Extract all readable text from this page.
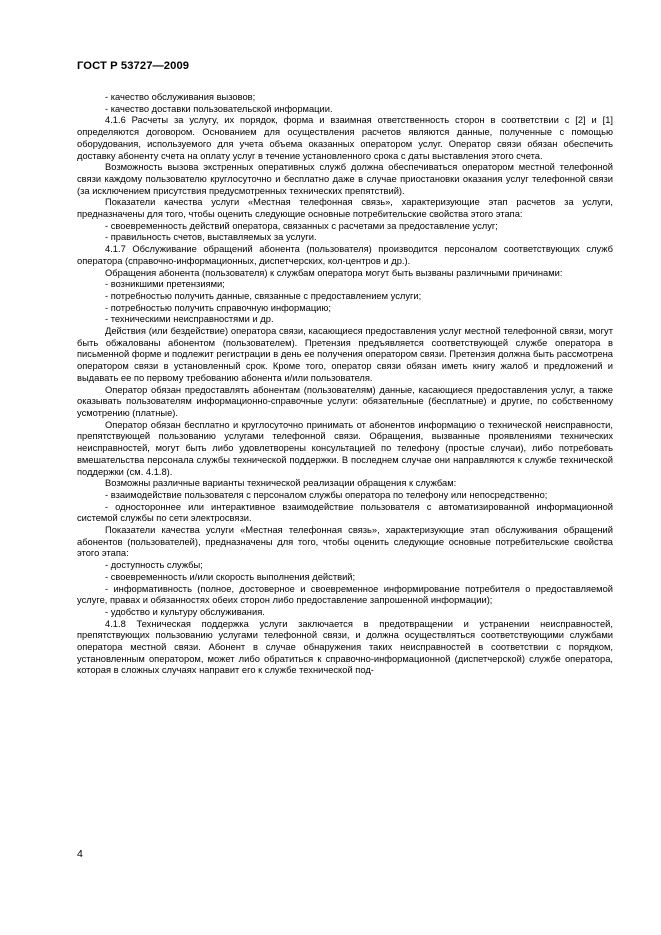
ГОСТ Р 53727—2009

- качество обслуживания вызовов;

- качество доставки пользовательской информации.

4.1.6 Расчеты за услугу, их порядок, форма и взаимная ответственность сторон в соответствии с [2] и [1] определяются договором. Основанием для осуществления расчетов являются данные, полученные с помощью оборудования, используемого для учета объема оказанных оператором услуг. Оператор связи обязан обеспечить доставку абоненту счета на оплату услуг в течение установленного срока с даты выставления этого счета.

Возможность вызова экстренных оперативных служб должна обеспечиваться оператором местной телефонной связи каждому пользователю круглосуточно и бесплатно даже в случае приостановки оказания услуг телефонной связи (за исключением присутствия предусмотренных технических препятствий).

Показатели качества услуги «Местная телефонная связь», характеризующие этап расчетов за услуги, предназначены для того, чтобы оценить следующие основные потребительские свойства этого этапа:

- своевременность действий оператора, связанных с расчетами за предоставление услуг;

- правильность счетов, выставляемых за услуги.

4.1.7 Обслуживание обращений абонента (пользователя) производится персоналом соответствующих служб оператора (справочно-информационных, диспетчерских, кол-центров и др.).

Обращения абонента (пользователя) к службам оператора могут быть вызваны различными причинами:

- возникшими претензиями;

- потребностью получить данные, связанные с предоставлением услуги;

- потребностью получить справочную информацию;

- техническими неисправностями и др.

Действия (или бездействие) оператора связи, касающиеся предоставления услуг местной телефонной связи, могут быть обжалованы абонентом (пользователем). Претензия предъявляется соответствующей службе оператора в письменной форме и подлежит регистрации в день ее получения оператором связи. Претензия должна быть рассмотрена оператором связи в установленный срок. Кроме того, оператор связи обязан иметь книгу жалоб и предложений и выдавать ее по первому требованию абонента и/или пользователя.

Оператор обязан предоставлять абонентам (пользователям) данные, касающиеся предоставления услуг, а также оказывать пользователям информационно-справочные услуги: обязательные (бесплатные) и другие, по собственному усмотрению (платные).

Оператор обязан бесплатно и круглосуточно принимать от абонентов информацию о технической неисправности, препятствующей пользованию услугами телефонной связи. Обращения, вызванные проявлениями технических неисправностей, могут быть либо удовлетворены консультацией по телефону (простые случаи), либо потребовать вмешательства персонала службы технической поддержки. В последнем случае они направляются к службе технической поддержки (см. 4.1.8).

Возможны различные варианты технической реализации обращения к службам:

- взаимодействие пользователя с персоналом службы оператора по телефону или непосредственно;

- одностороннее или интерактивное взаимодействие пользователя с автоматизированной информационной системой службы по сети электросвязи.

Показатели качества услуги «Местная телефонная связь», характеризующие этап обслуживания обращений абонентов (пользователей), предназначены для того, чтобы оценить следующие основные потребительские свойства этого этапа:

- доступность службы;

- своевременность и/или скорость выполнения действий;

- информативность (полное, достоверное и своевременное информирование потребителя о предоставляемой услуге, правах и обязанностях обеих сторон либо предоставление запрошенной информации);

- удобство и культуру обслуживания.

4.1.8 Техническая поддержка услуги заключается в предотвращении и устранении неисправностей, препятствующих пользованию услугами телефонной связи, и должна осуществляться соответствующими службами оператора местной связи. Абонент в случае обнаружения таких неисправностей в соответствии с порядком, установленным оператором, может либо обратиться к справочно-информационной (диспетчерской) службе оператора, которая в сложных случаях направит его к службе технической под-

4
